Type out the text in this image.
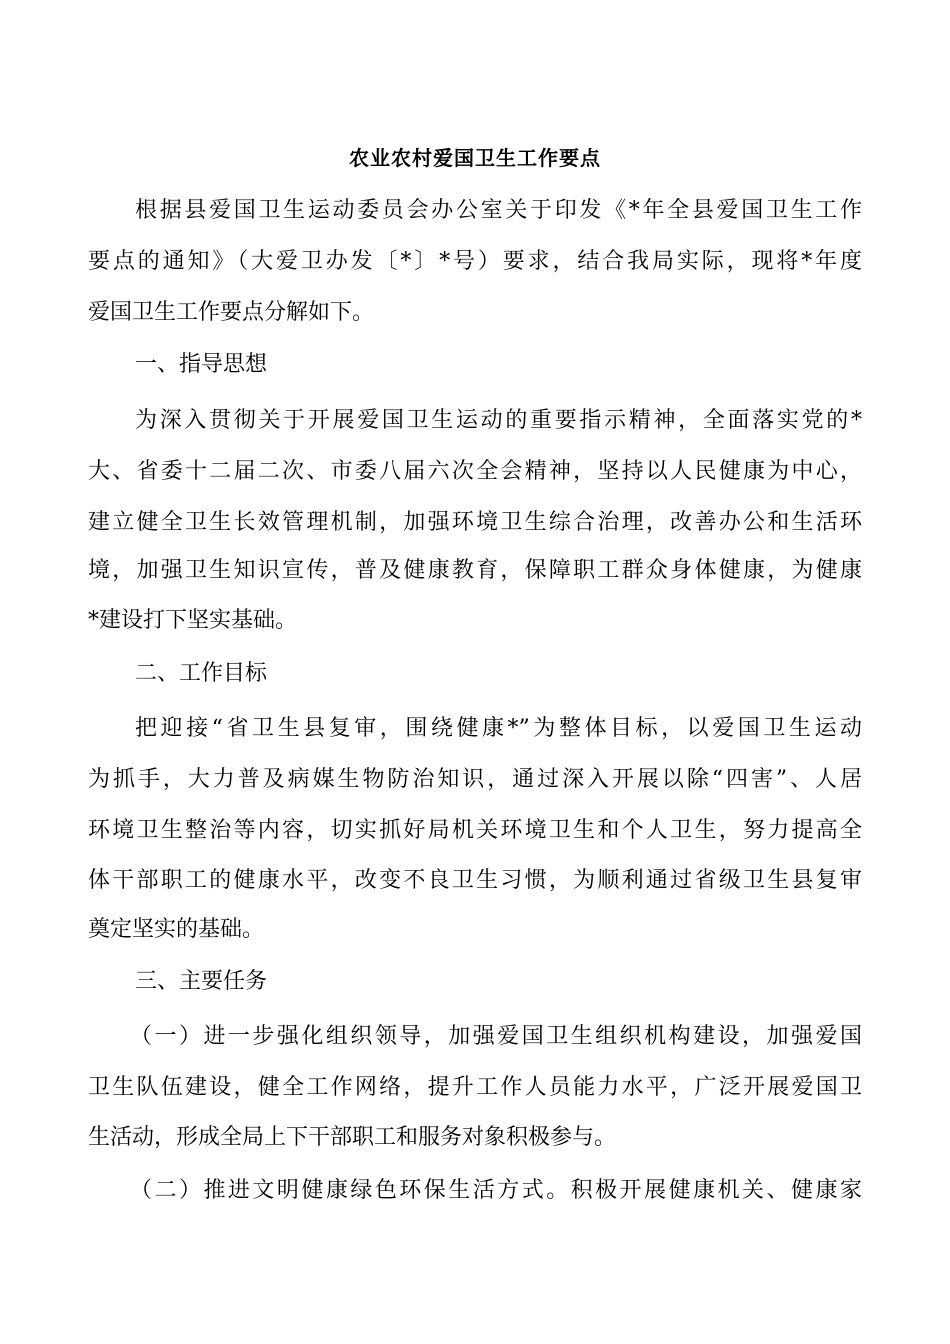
农业农村爱国卫生工作要点
根据县爱国卫生运动委员会办公室关于印发《*年全县爱国卫生工作
要点的通知》（大爱卫办发〔*〕*号）要求，结合我局实际，现将*年度
爱国卫生工作要点分解如下。
一、指导思想
为深入贯彻关于开展爱国卫生运动的重要指示精神，全面落实党的*
大、省委十二届二次、市委八届六次全会精神，坚持以人民健康为中心，
建立健全卫生长效管理机制，加强环境卫生综合治理，改善办公和生活环
境，加强卫生知识宣传，普及健康教育，保障职工群众身体健康，为健康
*建设打下坚实基础。
二、工作目标
把迎接“省卫生县复审，围绕健康*”为整体目标，以爱国卫生运动
为抓手，大力普及病媒生物防治知识，通过深入开展以除“四害”、人居
环境卫生整治等内容，切实抓好局机关环境卫生和个人卫生，努力提高全
体干部职工的健康水平，改变不良卫生习惯，为顺利通过省级卫生县复审
奠定坚实的基础。
三、主要任务
（一）进一步强化组织领导，加强爱国卫生组织机构建设，加强爱国
卫生队伍建设，健全工作网络，提升工作人员能力水平，广泛开展爱国卫
生活动，形成全局上下干部职工和服务对象积极参与。
（二）推进文明健康绿色环保生活方式。积极开展健康机关、健康家
